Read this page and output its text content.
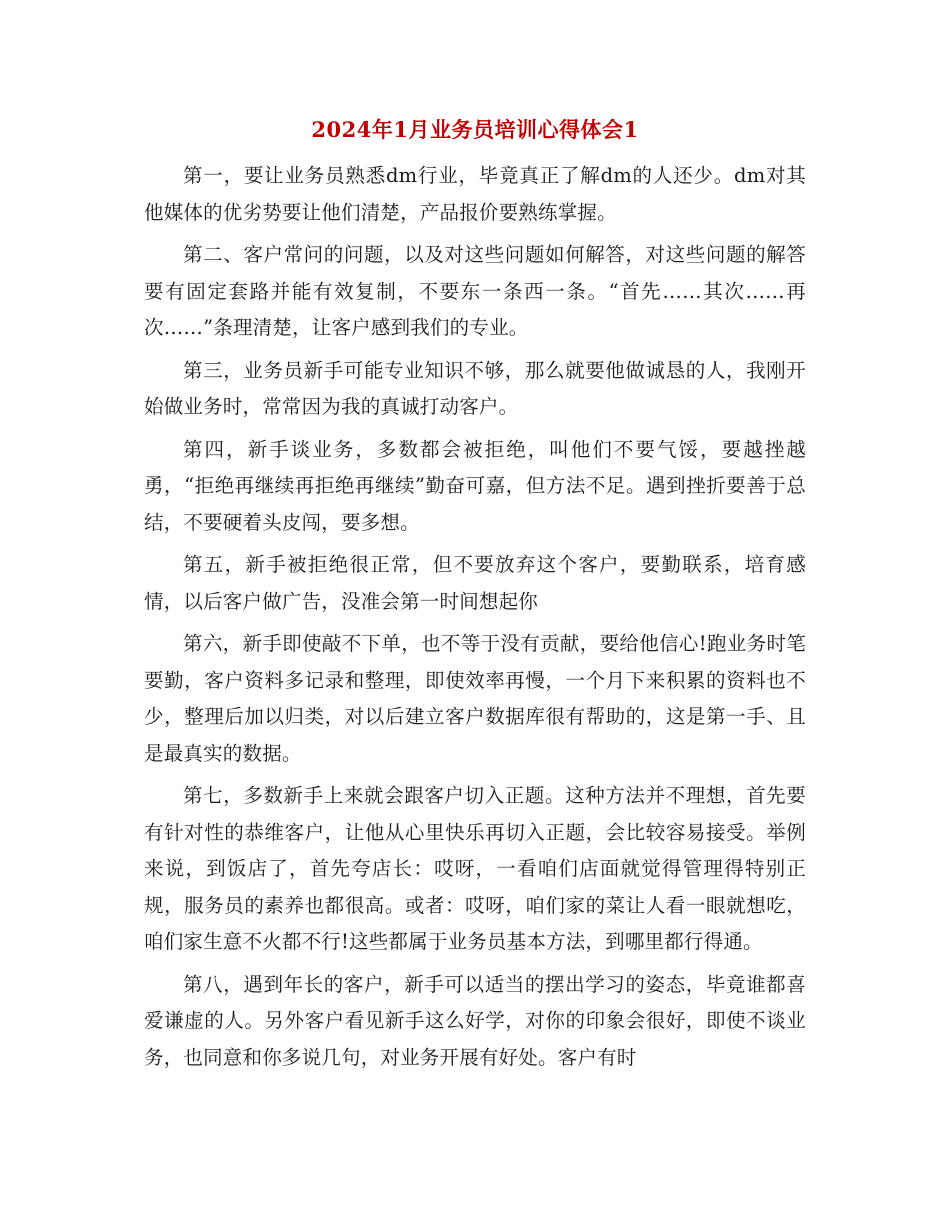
2024年1月业务员培训心得体会1

第一，要让业务员熟悉dm行业，毕竟真正了解dm的人还少。dm对其他媒体的优劣势要让他们清楚，产品报价要熟练掌握。

第二、客户常问的问题，以及对这些问题如何解答，对这些问题的解答要有固定套路并能有效复制，不要东一条西一条。“首先……其次……再次……”条理清楚，让客户感到我们的专业。

第三，业务员新手可能专业知识不够，那么就要他做诚恳的人，我刚开始做业务时，常常因为我的真诚打动客户。

第四，新手谈业务，多数都会被拒绝，叫他们不要气馁，要越挫越勇，“拒绝再继续再拒绝再继续”勤奋可嘉，但方法不足。遇到挫折要善于总结，不要硬着头皮闯，要多想。

第五，新手被拒绝很正常，但不要放弃这个客户，要勤联系，培育感情，以后客户做广告，没准会第一时间想起你

第六，新手即使敲不下单，也不等于没有贡献，要给他信心!跑业务时笔要勤，客户资料多记录和整理，即使效率再慢，一个月下来积累的资料也不少，整理后加以归类，对以后建立客户数据库很有帮助的，这是第一手、且是最真实的数据。

第七，多数新手上来就会跟客户切入正题。这种方法并不理想，首先要有针对性的恭维客户，让他从心里快乐再切入正题，会比较容易接受。举例来说，到饭店了，首先夸店长：哎呀，一看咱们店面就觉得管理得特别正规，服务员的素养也都很高。或者：哎呀，咱们家的菜让人看一眼就想吃，咱们家生意不火都不行!这些都属于业务员基本方法，到哪里都行得通。

第八，遇到年长的客户，新手可以适当的摆出学习的姿态，毕竟谁都喜爱谦虚的人。另外客户看见新手这么好学，对你的印象会很好，即使不谈业务，也同意和你多说几句，对业务开展有好处。客户有时
